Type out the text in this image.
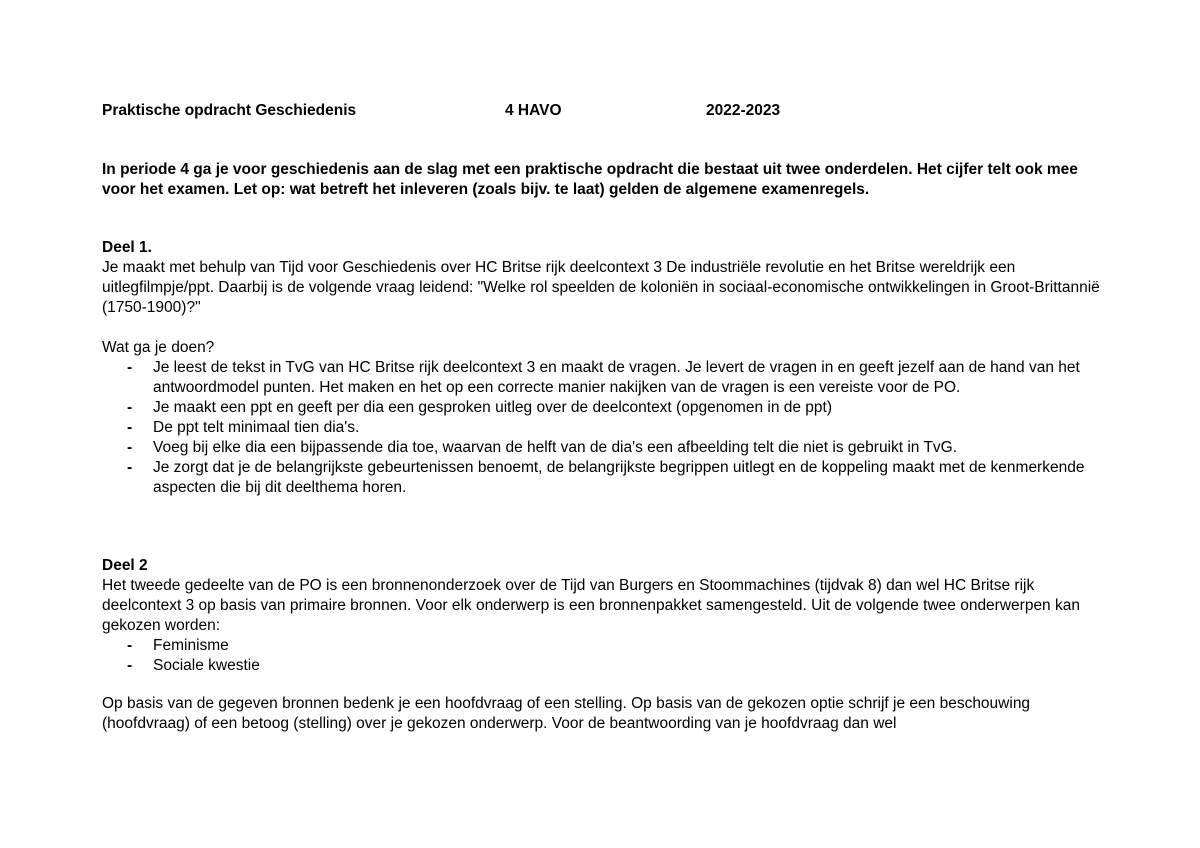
Praktische opdracht Geschiedenis	4 HAVO	2022-2023

In periode 4 ga je voor geschiedenis aan de slag met een praktische opdracht die bestaat uit twee onderdelen. Het cijfer telt ook mee voor het examen. Let op: wat betreft het inleveren (zoals bijv. te laat) gelden de algemene examenregels.

Deel 1.

Je maakt met behulp van Tijd voor Geschiedenis over HC Britse rijk deelcontext 3 De industriële revolutie en het Britse wereldrijk een uitlegfilmpje/ppt. Daarbij is de volgende vraag leidend: "Welke rol speelden de koloniën in sociaal-economische ontwikkelingen in Groot-Brittannië (1750-1900)?"

Wat ga je doen?

- Je leest de tekst in TvG van HC Britse rijk deelcontext 3 en maakt de vragen. Je levert de vragen in en geeft jezelf aan de hand van het antwoordmodel punten. Het maken en het op een correcte manier nakijken van de vragen is een vereiste voor de PO.
- Je maakt een ppt en geeft per dia een gesproken uitleg over de deelcontext (opgenomen in de ppt)
- De ppt telt minimaal tien dia's.
- Voeg bij elke dia een bijpassende dia toe, waarvan de helft van de dia's een afbeelding telt die niet is gebruikt in TvG.
- Je zorgt dat je de belangrijkste gebeurtenissen benoemt, de belangrijkste begrippen uitlegt en de koppeling maakt met de kenmerkende aspecten die bij dit deelthema horen.

Deel 2

Het tweede gedeelte van de PO is een bronnenonderzoek over de Tijd van Burgers en Stoommachines (tijdvak 8) dan wel HC Britse rijk deelcontext 3 op basis van primaire bronnen. Voor elk onderwerp is een bronnenpakket samengesteld. Uit de volgende twee onderwerpen kan gekozen worden:

- Feminisme
- Sociale kwestie

Op basis van de gegeven bronnen bedenk je een hoofdvraag of een stelling. Op basis van de gekozen optie schrijf je een beschouwing (hoofdvraag) of een betoog (stelling) over je gekozen onderwerp. Voor de beantwoording van je hoofdvraag dan wel
